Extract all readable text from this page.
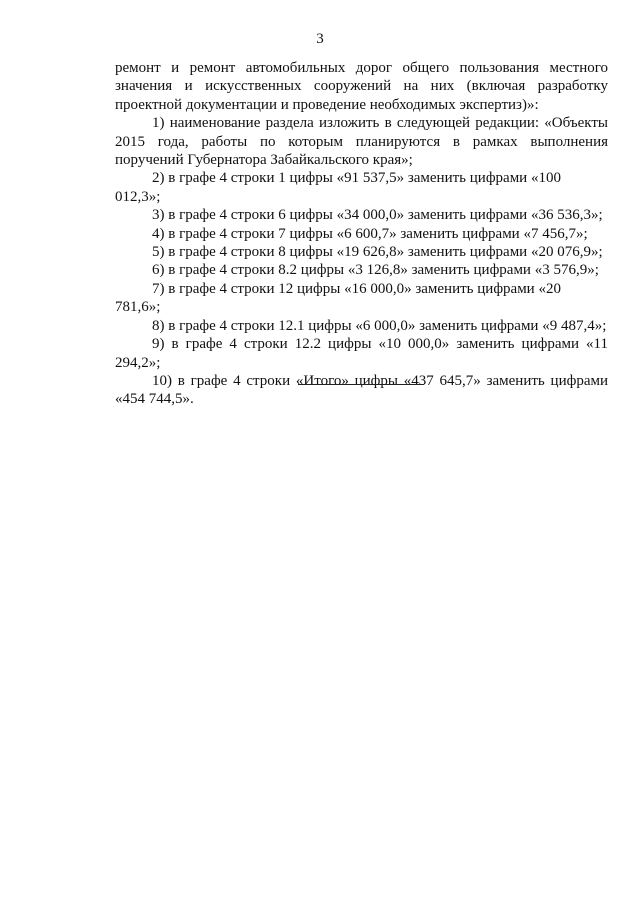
3

ремонт и ремонт автомобильных дорог общего пользования местного значения и искусственных сооружений на них (включая разработку проектной документации и проведение необходимых экспертиз)»:

1) наименование раздела изложить в следующей редакции: «Объекты 2015 года, работы по которым планируются в рамках выполнения поручений Губернатора Забайкальского края»;

2) в графе 4 строки 1 цифры «91 537,5» заменить цифрами «100 012,3»;

3) в графе 4 строки 6 цифры «34 000,0» заменить цифрами «36 536,3»;

4) в графе 4 строки 7 цифры «6 600,7» заменить цифрами «7 456,7»;

5) в графе 4 строки 8 цифры «19 626,8» заменить цифрами «20 076,9»;

6) в графе 4 строки 8.2 цифры «3 126,8» заменить цифрами «3 576,9»;

7) в графе 4 строки 12 цифры «16 000,0» заменить цифрами «20 781,6»;

8) в графе 4 строки 12.1 цифры «6 000,0» заменить цифрами «9 487,4»;

9) в графе 4 строки 12.2 цифры «10 000,0» заменить цифрами «11 294,2»;

10) в графе 4 строки «Итого» цифры «437 645,7» заменить цифрами «454 744,5».
